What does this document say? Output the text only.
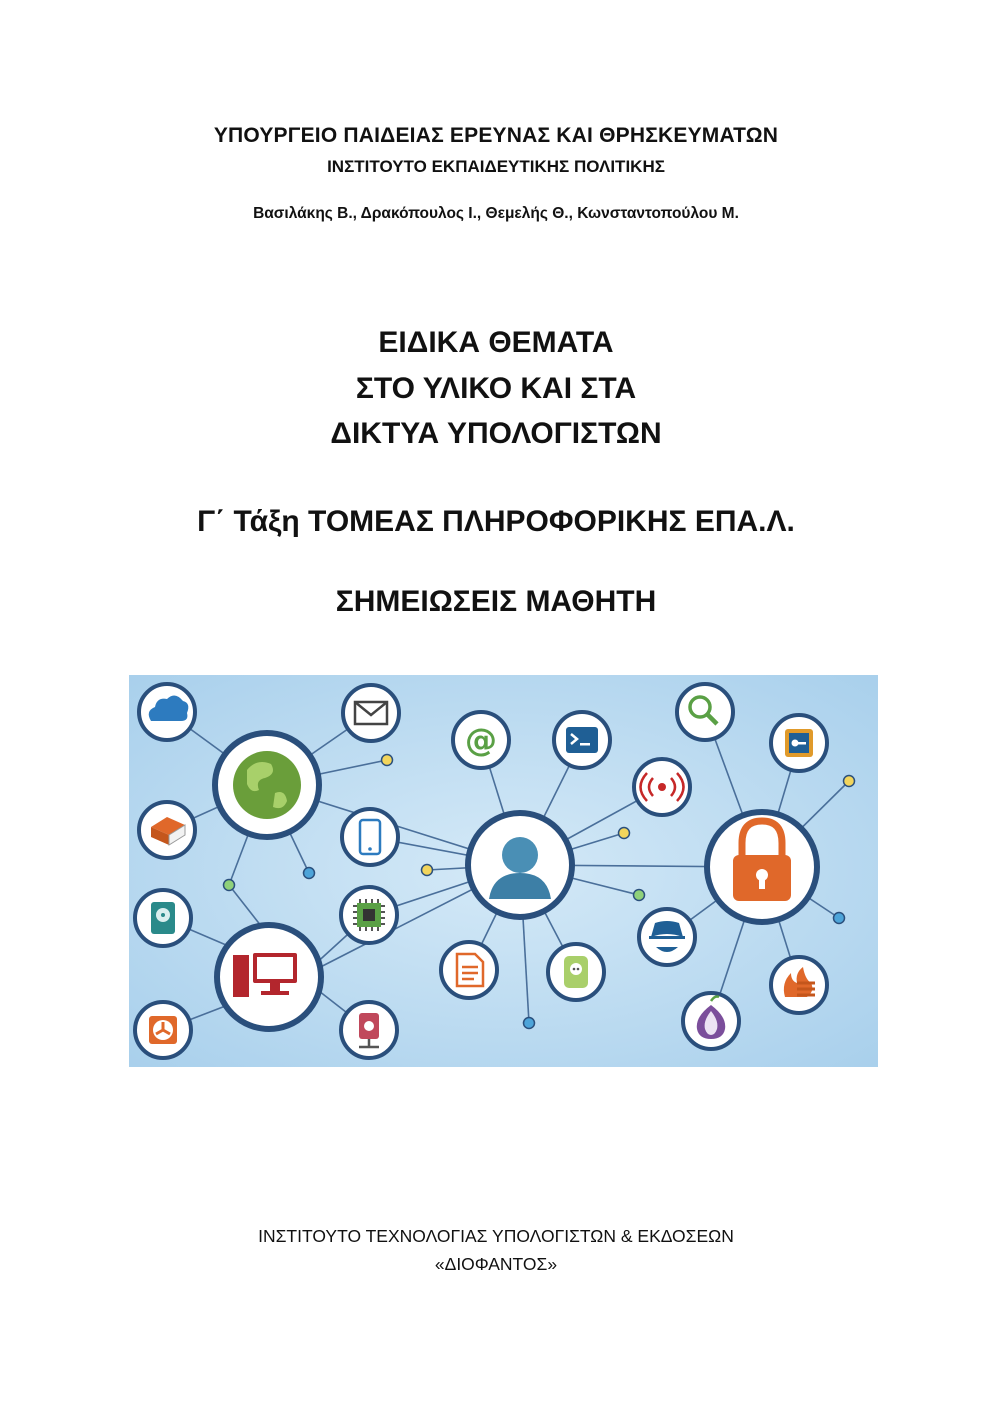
ΥΠΟΥΡΓΕΙΟ ΠΑΙΔΕΙΑΣ ΕΡΕΥΝΑΣ ΚΑΙ ΘΡΗΣΚΕΥΜΑΤΩΝ
ΙΝΣΤΙΤΟΥΤΟ ΕΚΠΑΙΔΕΥΤΙΚΗΣ ΠΟΛΙΤΙΚΗΣ
Βασιλάκης Β., Δρακόπουλος Ι., Θεμελής Θ., Κωνσταντοπούλου Μ.
ΕΙΔΙΚΑ ΘΕΜΑΤΑ
ΣΤΟ ΥΛΙΚΟ ΚΑΙ ΣΤΑ
ΔΙΚΤΥΑ ΥΠΟΛΟΓΙΣΤΩΝ
Γ΄ Τάξη ΤΟΜΕΑΣ ΠΛΗΡΟΦΟΡΙΚΗΣ ΕΠΑ.Λ.
ΣΗΜΕΙΩΣΕΙΣ ΜΑΘΗΤΗ
@
ΙΝΣΤΙΤΟΥΤΟ ΤΕΧΝΟΛΟΓΙΑΣ ΥΠΟΛΟΓΙΣΤΩΝ & ΕΚΔΟΣΕΩΝ
«ΔΙΟΦΑΝΤΟΣ»
